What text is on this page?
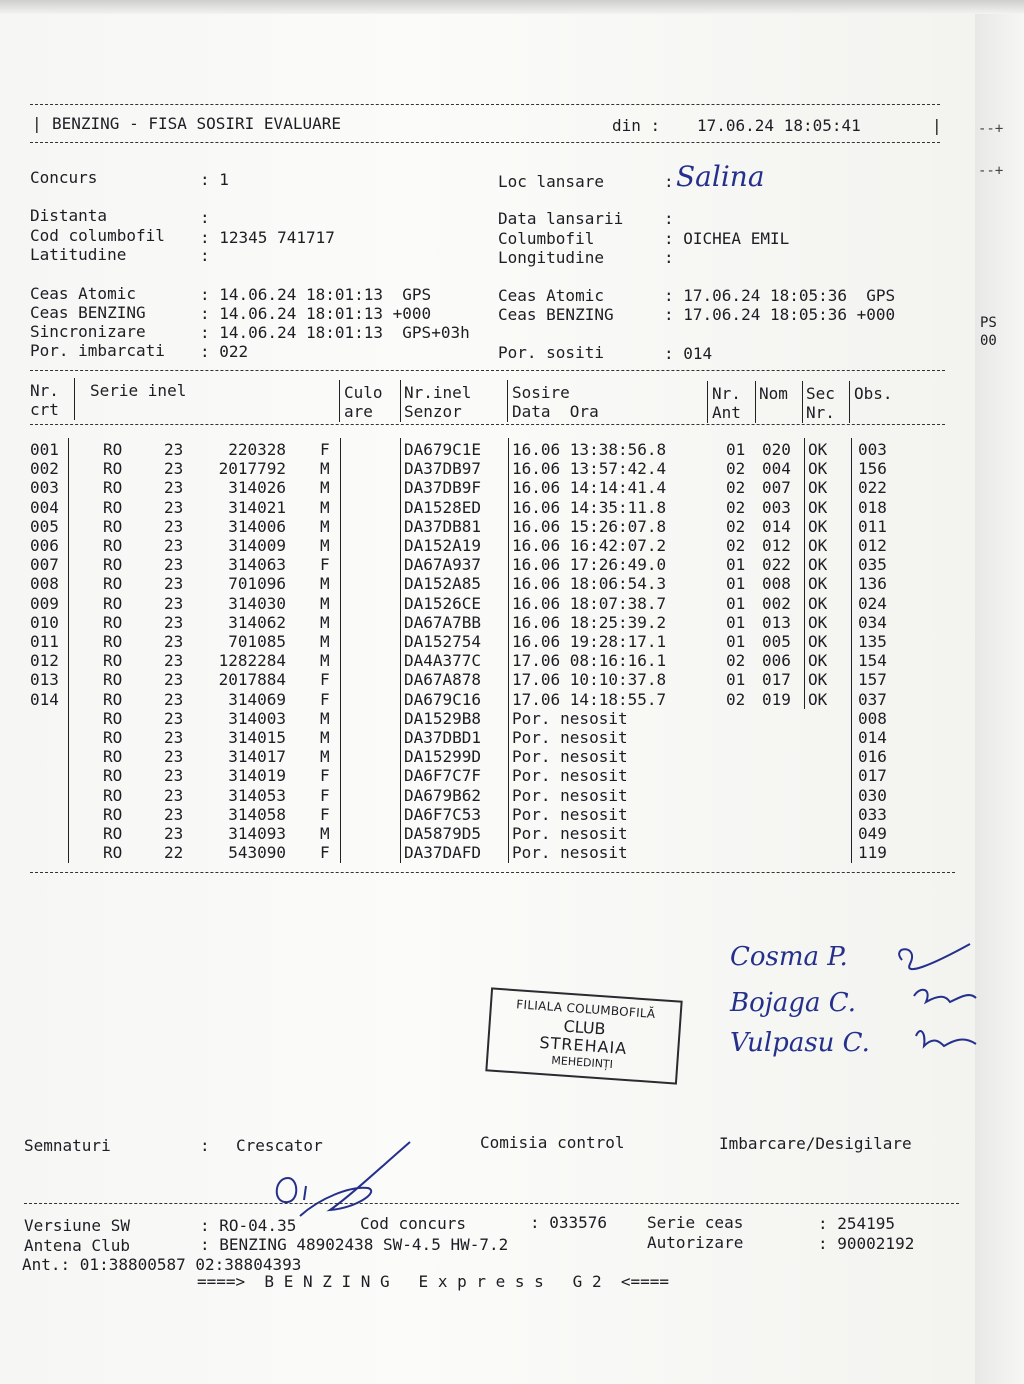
PS
00
--+
--+
| BENZING - FISA SOSIRI EVALUARE	din : 17.06.24 18:05:41	|
Concurs	: 1
Distanta	:
Cod columbofil : 12345 741717
Latitudine	:
Ceas Atomic	: 14.06.24 18:01:13  GPS
Ceas BENZING	: 14.06.24 18:01:13 +000
Sincronizare	: 14.06.24 18:01:13  GPS+03h
Por. imbarcati : 022
Loc lansare	: Salina
Data lansarii	:
Columbofil	: OICHEA EMIL
Longitudine	:
Ceas Atomic	: 17.06.24 18:05:36  GPS
Ceas BENZING	: 17.06.24 18:05:36 +000
Por. sositi	: 014
Nr.
crt
Serie inel	Culo
are
Nr.inel
Senzor
Sosire
Data  Ora
Nr.
Ant
Nom Sec
Nr.
Obs.
001	RO	23	220328 F	DA679C1E	16.06 13:38:56.8	01 020	OK	003
002	RO	23	2017792 M	DA37DB97	16.06 13:57:42.4	02 004	OK	156
003	RO	23	314026 M	DA37DB9F	16.06 14:14:41.4	02 007	OK	022
004	RO	23	314021 M	DA1528ED	16.06 14:35:11.8	02 003	OK	018
005	RO	23	314006 M	DA37DB81	16.06 15:26:07.8	02 014	OK	011
006	RO	23	314009 M	DA152A19	16.06 16:42:07.2	02 012	OK	012
007	RO	23	314063 F	DA67A937	16.06 17:26:49.0	01 022	OK	035
008	RO	23	701096 M	DA152A85	16.06 18:06:54.3	01 008	OK	136
009	RO	23	314030 M	DA1526CE	16.06 18:07:38.7	01 002	OK	024
010	RO	23	314062 M	DA67A7BB	16.06 18:25:39.2	01 013	OK	034
011	RO	23	701085 M	DA152754	16.06 19:28:17.1	01 005	OK	135
012	RO	23	1282284 M	DA4A377C	17.06 08:16:16.1	02 006	OK	154
013	RO	23	2017884 F	DA67A878	17.06 10:10:37.8	01 017	OK	157
014	RO	23	314069 F	DA679C16	17.06 14:18:55.7	02 019	OK	037
RO	23	314003 M	DA1529B8	Por. nesosit	008
RO	23	314015 M	DA37DBD1	Por. nesosit	014
RO	23	314017 M	DA15299D	Por. nesosit	016
RO	23	314019 F	DA6F7C7F	Por. nesosit	017
RO	23	314053 F	DA679B62	Por. nesosit	030
RO	23	314058 F	DA6F7C53	Por. nesosit	033
RO	23	314093 M	DA5879D5	Por. nesosit	049
RO	22	543090 F	DA37DAFD	Por. nesosit	119
Cosma P.
Bojaga C.
Vulpasu C.
FILIALA COLUMBOFILĂ
CLUB
STREHAIA
MEHEDINȚI
Semnaturi	: Crescator	Comisia control	Imbarcare/Desigilare
Versiune SW	: RO-04.35	Cod concurs	: 033576 Serie ceas	: 254195
Antena Club	: BENZING 48902438 SW-4.5 HW-7.2	Autorizare	: 90002192
Ant.: 01:38800587 02:38804393
====>  B E N Z I N G   E x p r e s s   G 2  <====
